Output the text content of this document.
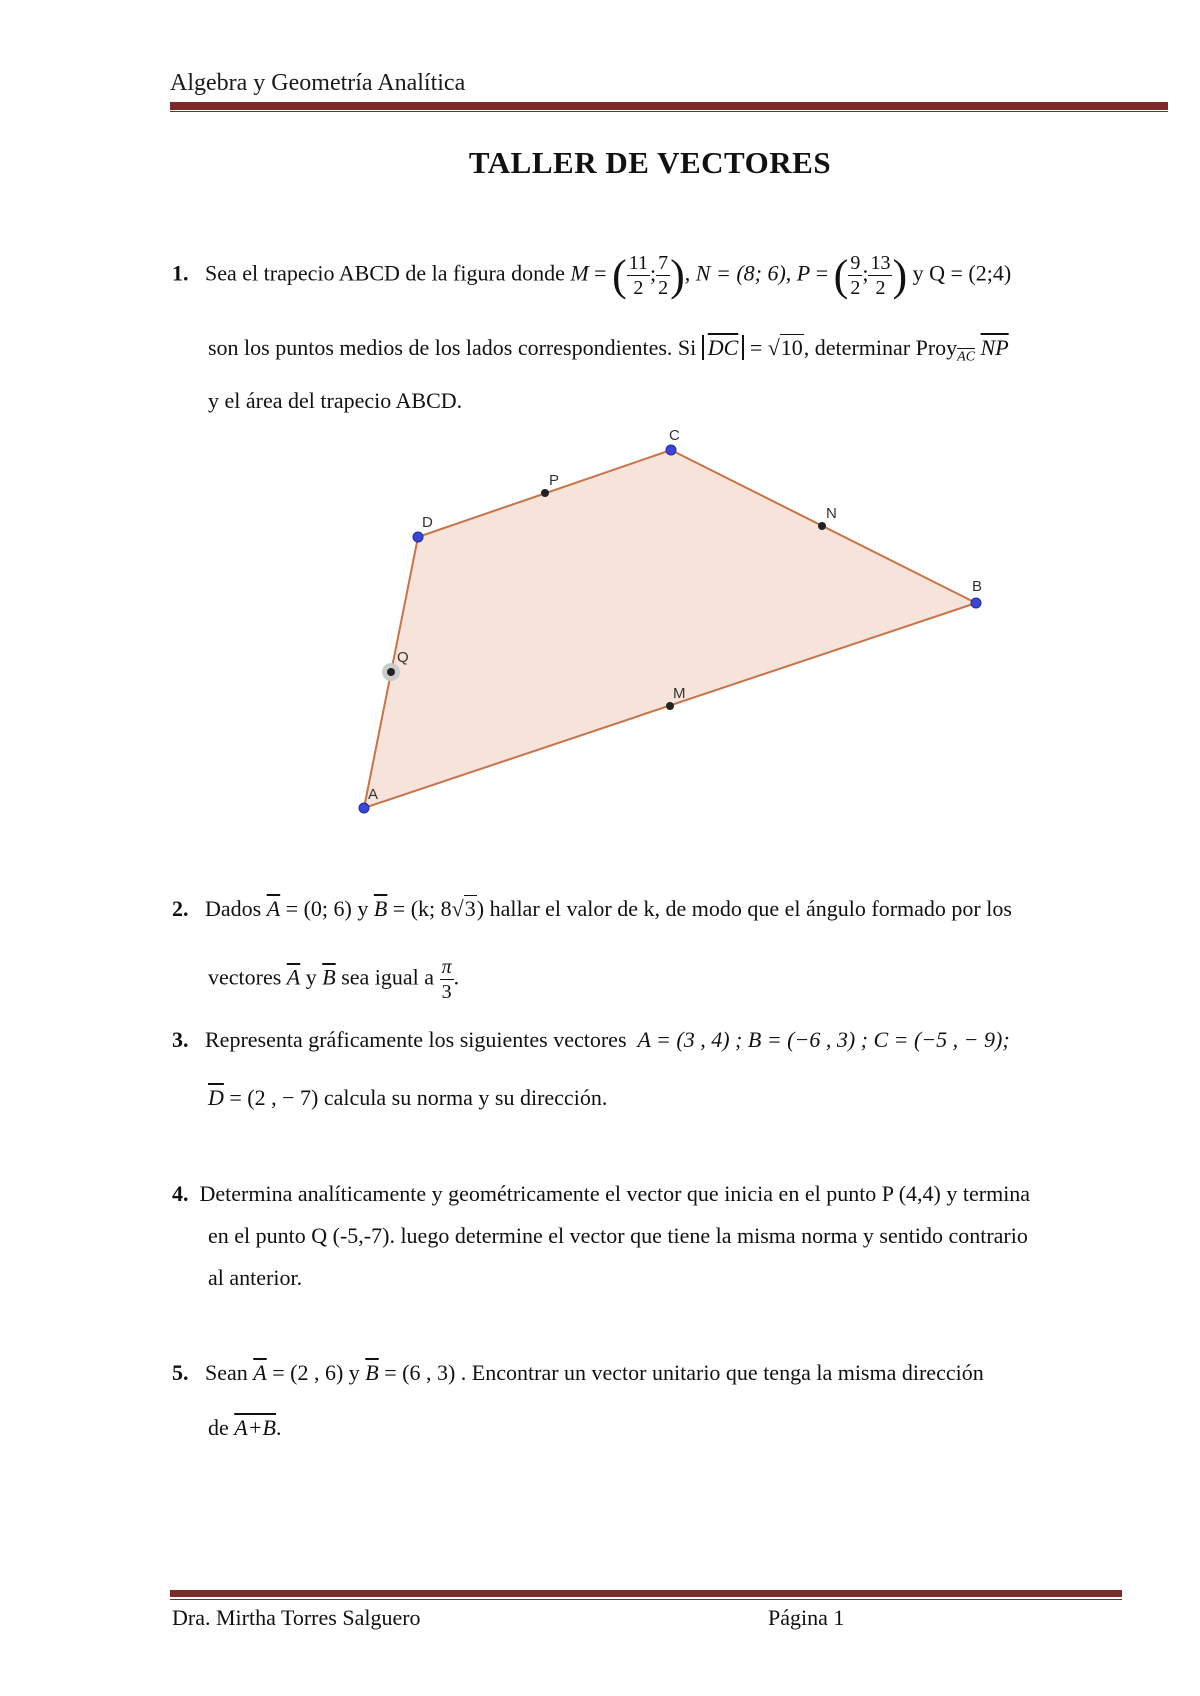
Algebra y Geometría Analítica
TALLER DE VECTORES
1. Sea el trapecio ABCD de la figura donde M = ( $\frac{11}{2}$ ; $\frac{7}{2}$ ), N = (8; 6), P = ( $\frac{9}{2}$ ; $\frac{13}{2}$ ) y Q = (2;4)
son los puntos medios de los lados correspondientes. Si $\overline{DC} = √10$, determinar Proy$_{\overline{AC}}$ $\overline{NP}$
y el área del trapecio ABCD.
A
B
C
D
M
N
P
Q
2. Dados $\overline{A} = (0$; 6) y $\overline{B} = (k$; 8√3) hallar el valor de k, de modo que el ángulo formado por los
vectores $\overline{A}$ y $\overline{B}$ sea igual a $\frac{\pi}{3}$ .
3. Representa gráficamente los siguientes vectores A = (3 , 4) ; B = (−6 , 3) ; C = (−5 , − 9);
$\overline{D} = (2$ , − 7) calcula su norma y su dirección.
4. Determina analíticamente y geométricamente el vector que inicia en el punto P (4,4) y termina
en el punto Q (-5,-7). luego determine el vector que tiene la misma norma y sentido contrario
al anterior.
5. Sean $\overline{A} = (2$ , 6) y $\overline{B} = (6$ , 3) . Encontrar un vector unitario que tenga la misma dirección
de A+B.
Dra. Mirtha Torres Salguero	Página 1
